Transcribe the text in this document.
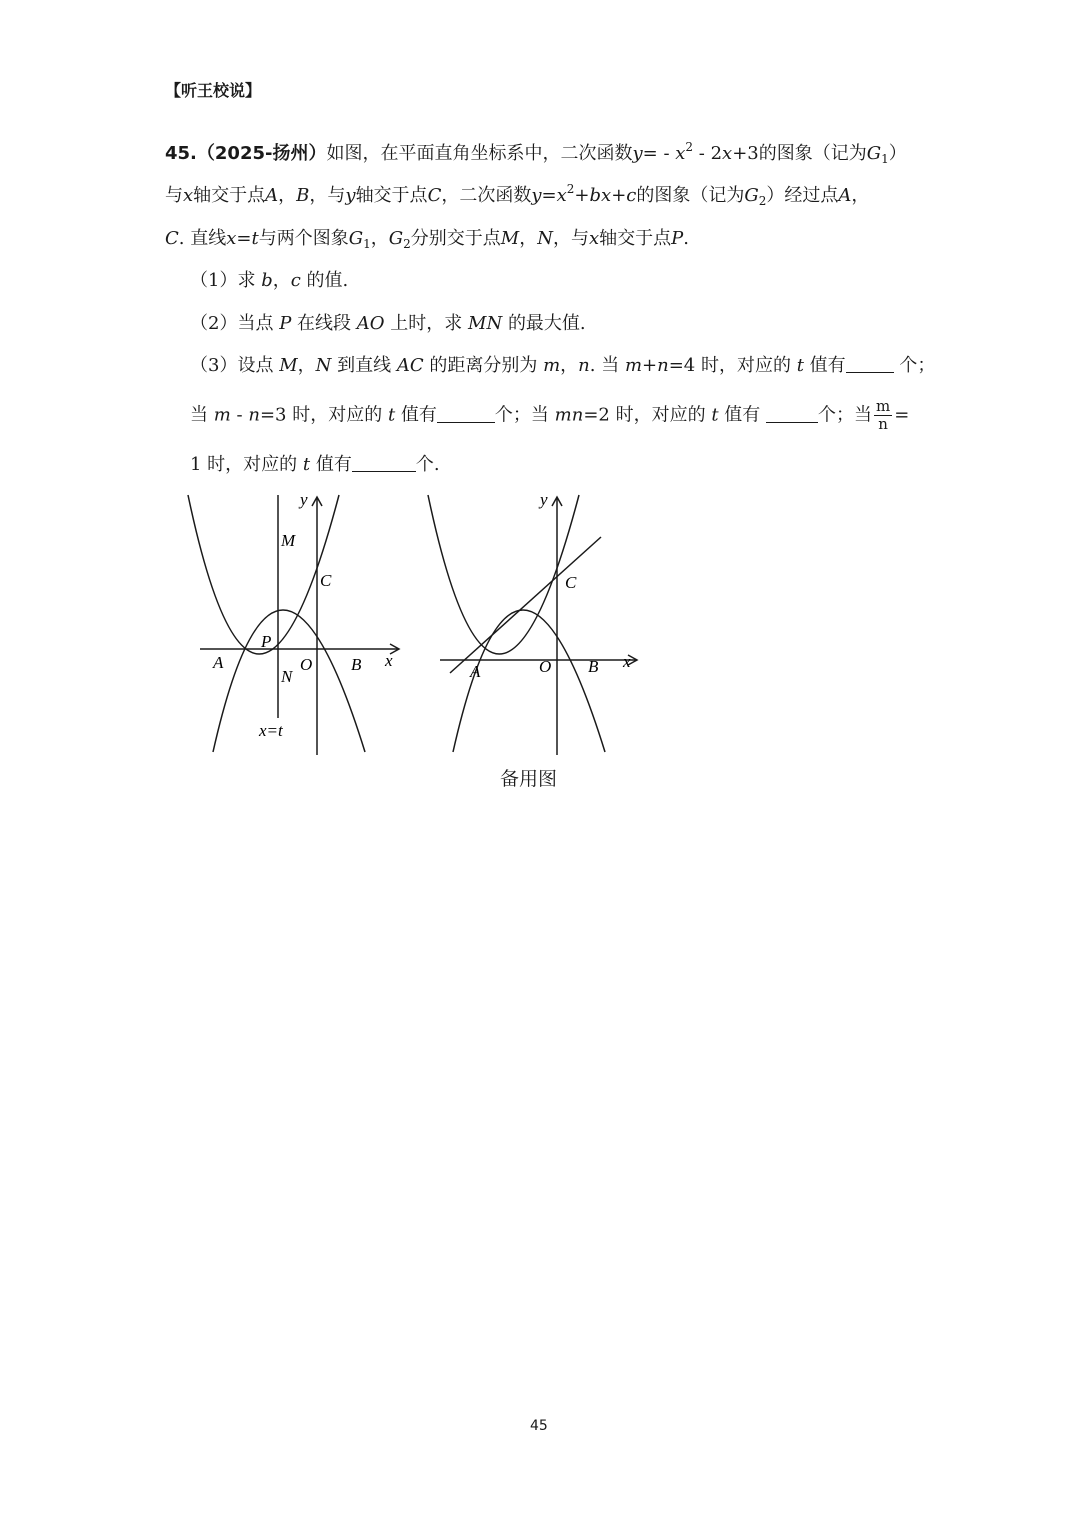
【听王校说】
45.（2025-扬州）如图，在平面直角坐标系中，二次函数$y= - x^2 - 2x+3$的图象（记为$G_1$）
与x轴交于点A，B，与y轴交于点C，二次函数$y=x^2+bx+c$的图象（记为$G_2$）经过点A，
C. 直线x=t与两个图象$G_1$，$G_2$分别交于点M，N，与x轴交于点P.
（1）求 b，c 的值.
（2）当点 P 在线段 AO 上时，求 MN 的最大值.
（3）设点 M，N 到直线 AC 的距离分别为 m，n. 当 m+n=4 时，对应的 t 值有	个；
当 m - n=3 时，对应的 t 值有	个；当 mn=2 时，对应的 t 值有	个；当 $\frac{m}{n}$ =
1 时，对应的 t 值有	个.
y
M
C
P
A	O B x
N
x=t
y
C
A	O B x
备用图
45
